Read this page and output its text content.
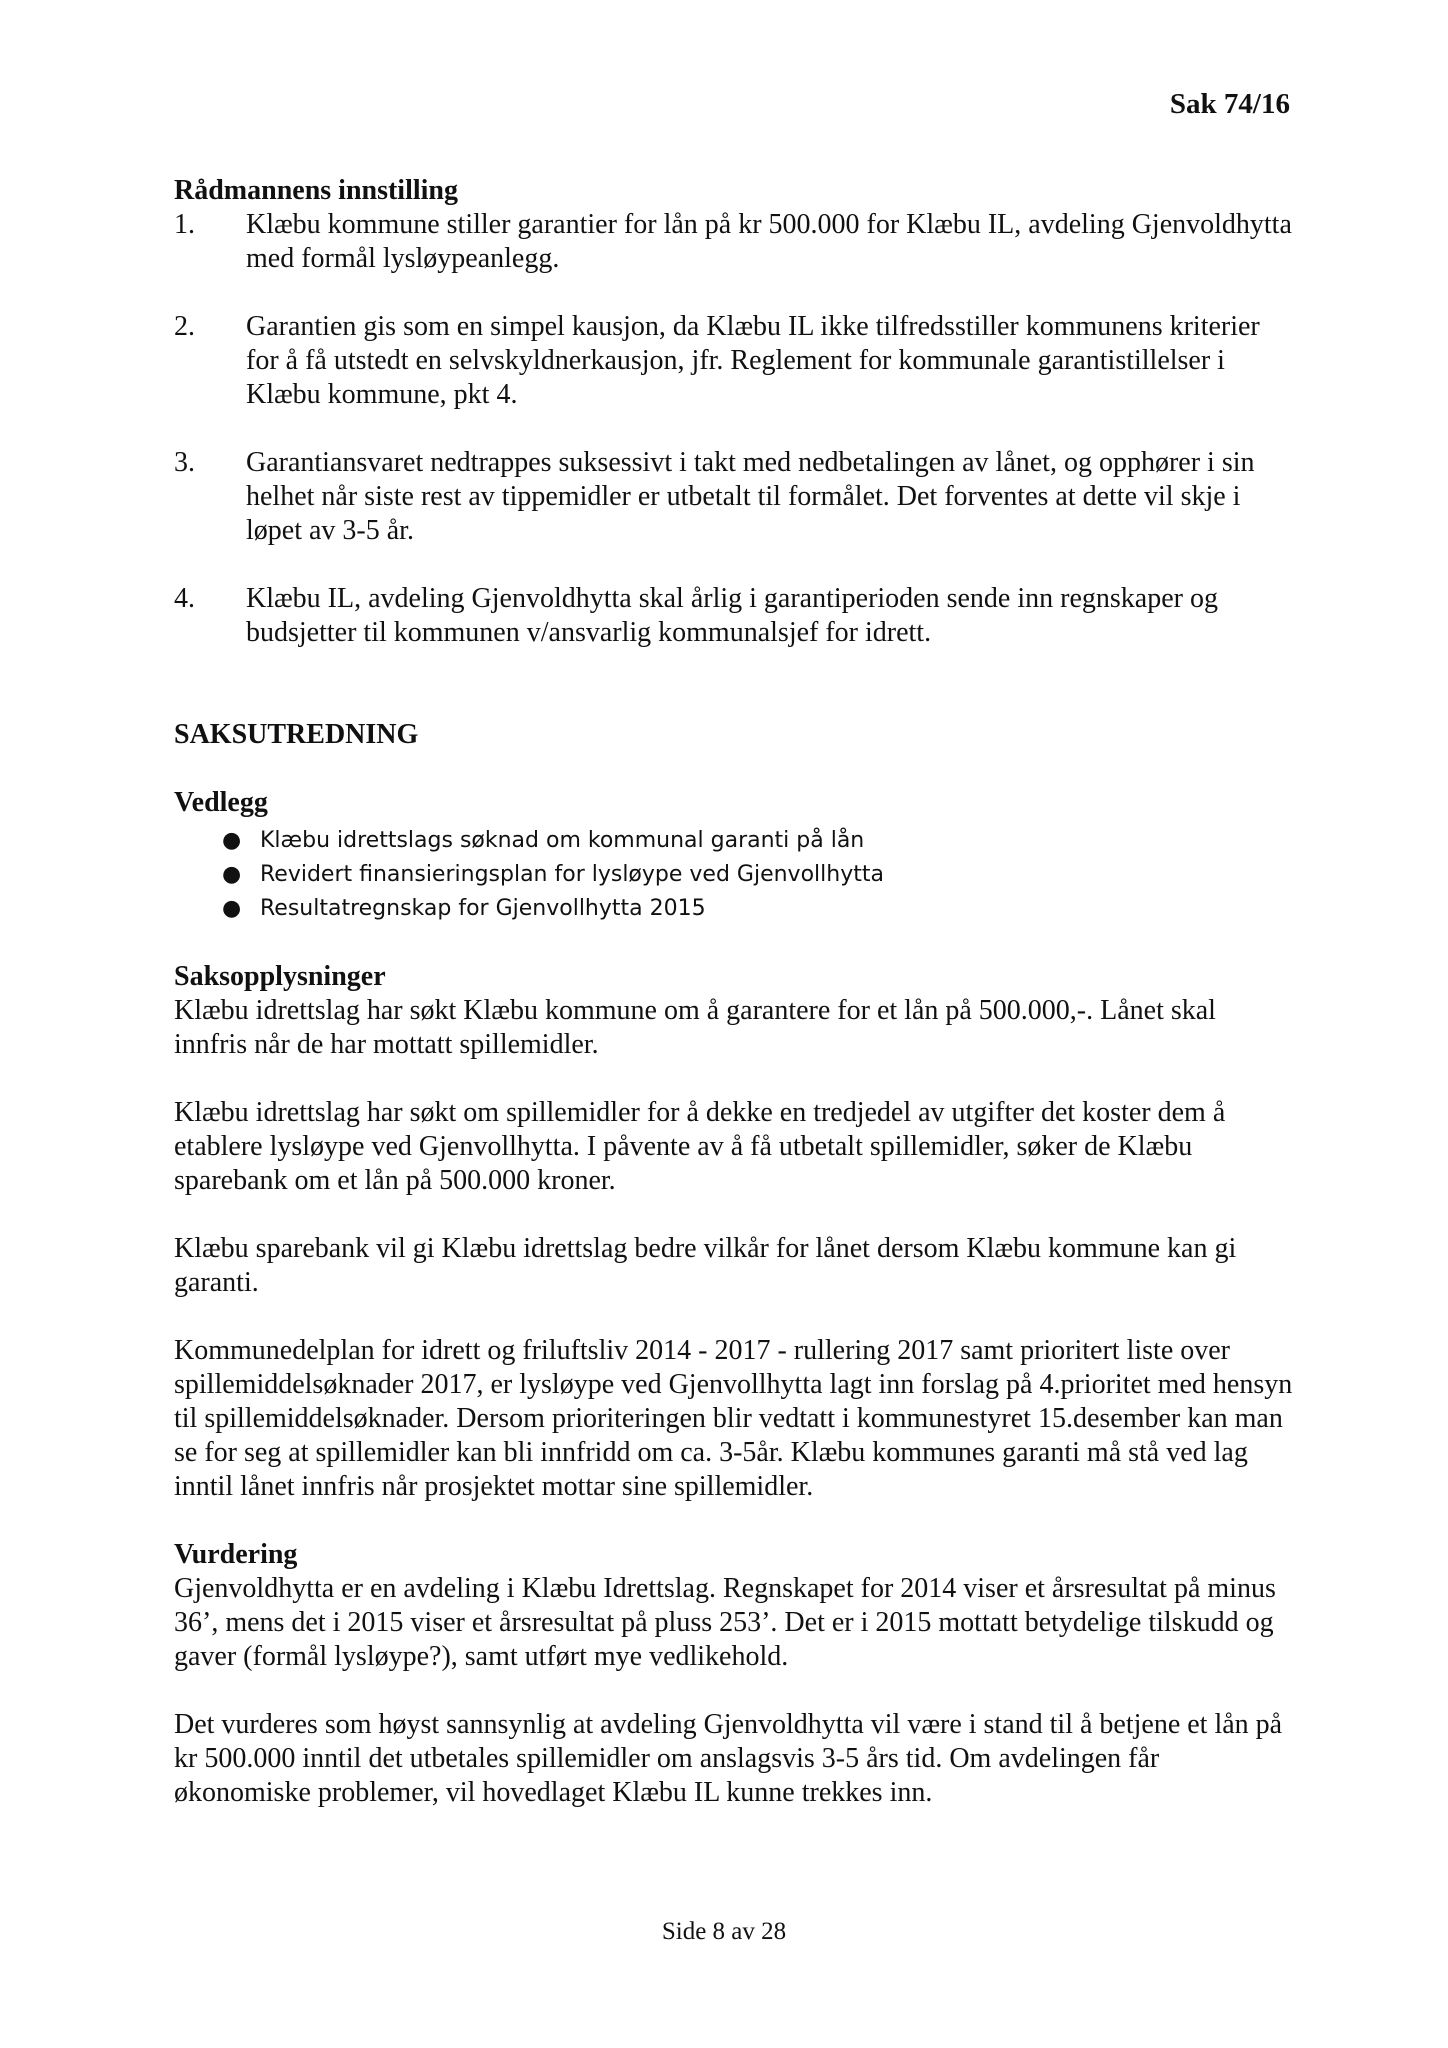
Sak 74/16

Rådmannens innstilling

1. Klæbu kommune stiller garantier for lån på kr 500.000 for Klæbu IL, avdeling Gjenvoldhytta med formål lysløypeanlegg.
2. Garantien gis som en simpel kausjon, da Klæbu IL ikke tilfredsstiller kommunens kriterier for å få utstedt en selvskyldnerkausjon, jfr. Reglement for kommunale garantistillelser i Klæbu kommune, pkt 4.
3. Garantiansvaret nedtrappes suksessivt i takt med nedbetalingen av lånet, og opphører i sin helhet når siste rest av tippemidler er utbetalt til formålet. Det forventes at dette vil skje i løpet av 3-5 år.
4. Klæbu IL, avdeling Gjenvoldhytta skal årlig i garantiperioden sende inn regnskaper og budsjetter til kommunen v/ansvarlig kommunalsjef for idrett.

SAKSUTREDNING

Vedlegg

● Klæbu idrettslags søknad om kommunal garanti på lån
● Revidert finansieringsplan for lysløype ved Gjenvollhytta
● Resultatregnskap for Gjenvollhytta 2015

Saksopplysninger

Klæbu idrettslag har søkt Klæbu kommune om å garantere for et lån på 500.000,-. Lånet skal innfris når de har mottatt spillemidler.

Klæbu idrettslag har søkt om spillemidler for å dekke en tredjedel av utgifter det koster dem å etablere lysløype ved Gjenvollhytta. I påvente av å få utbetalt spillemidler, søker de Klæbu sparebank om et lån på 500.000 kroner.

Klæbu sparebank vil gi Klæbu idrettslag bedre vilkår for lånet dersom Klæbu kommune kan gi garanti.

Kommunedelplan for idrett og friluftsliv 2014 - 2017 - rullering 2017 samt prioritert liste over spillemiddelsøknader 2017, er lysløype ved Gjenvollhytta lagt inn forslag på 4.prioritet med hensyn til spillemiddelsøknader. Dersom prioriteringen blir vedtatt i kommunestyret 15.desember kan man se for seg at spillemidler kan bli innfridd om ca. 3-5år. Klæbu kommunes garanti må stå ved lag inntil lånet innfris når prosjektet mottar sine spillemidler.

Vurdering

Gjenvoldhytta er en avdeling i Klæbu Idrettslag. Regnskapet for 2014 viser et årsresultat på minus 36’, mens det i 2015 viser et årsresultat på pluss 253’. Det er i 2015 mottatt betydelige tilskudd og gaver (formål lysløype?), samt utført mye vedlikehold.

Det vurderes som høyst sannsynlig at avdeling Gjenvoldhytta vil være i stand til å betjene et lån på kr 500.000 inntil det utbetales spillemidler om anslagsvis 3-5 års tid. Om avdelingen får økonomiske problemer, vil hovedlaget Klæbu IL kunne trekkes inn.

Side 8 av 28
